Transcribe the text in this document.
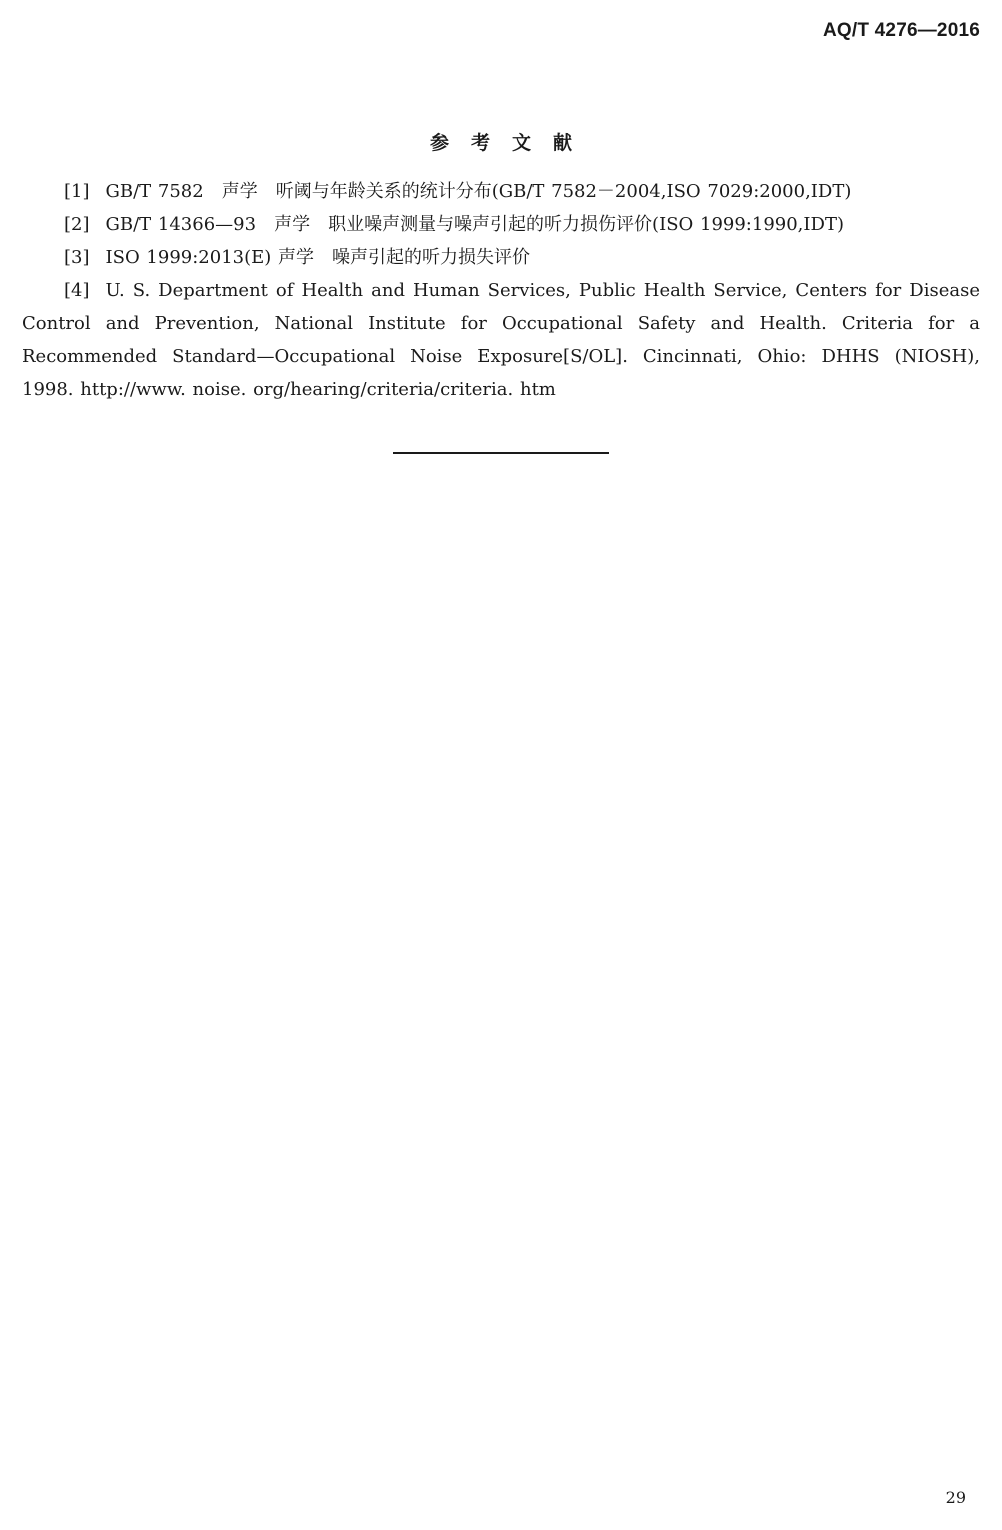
AQ/T 4276—2016
参考文献
[1] GB/T 7582　声学　听阈与年龄关系的统计分布(GB/T 7582－2004,ISO 7029:2000,IDT)
[2] GB/T 14366—93　声学　职业噪声测量与噪声引起的听力损伤评价(ISO 1999:1990,IDT)
[3] ISO 1999:2013(E) 声学　噪声引起的听力损失评价
[4] U. S. Department of Health and Human Services, Public Health Service, Centers for Disease Control and Prevention, National Institute for Occupational Safety and Health. Criteria for a Recommended Standard—Occupational Noise Exposure[S/OL]. Cincinnati, Ohio: DHHS (NIOSH), 1998. http://www. noise. org/hearing/criteria/criteria. htm
29
